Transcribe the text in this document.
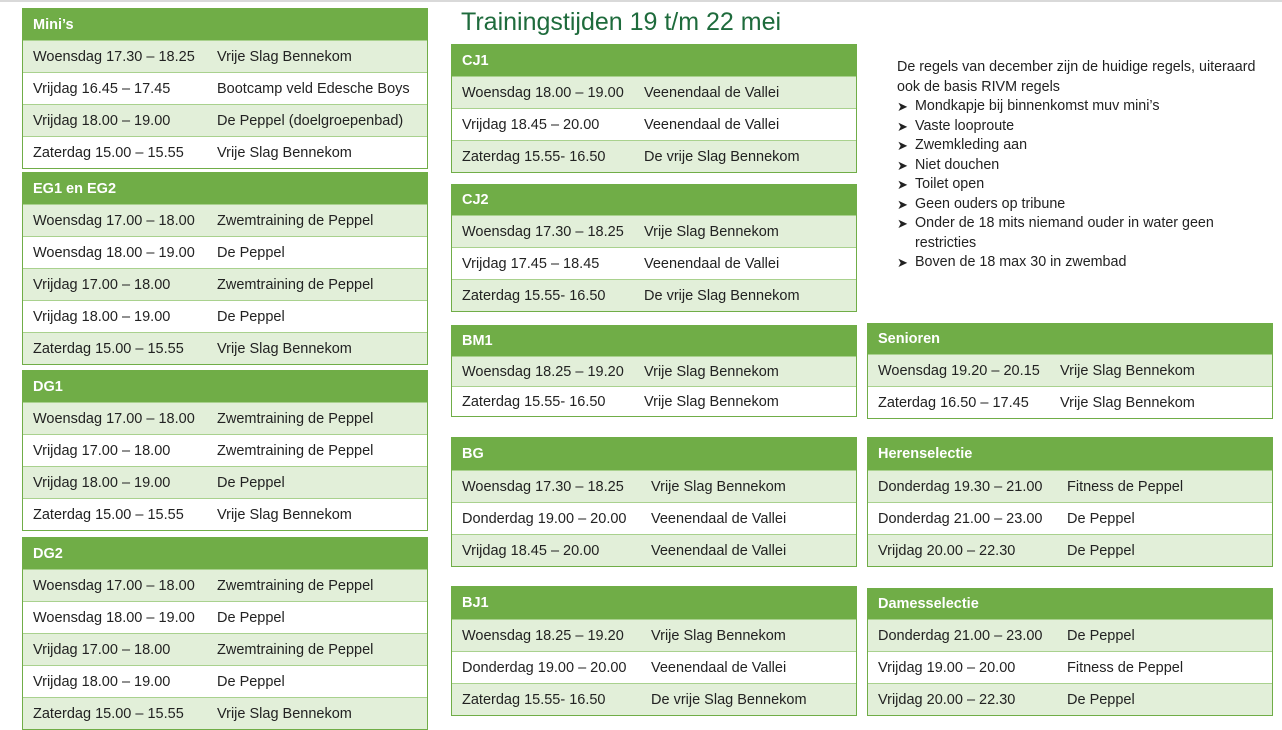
Trainingstijden 19 t/m 22 mei

De regels van december zijn de huidige regels, uiteraard ook de basis RIVM regels

➤ Mondkapje bij binnenkomst muv mini’s
➤ Vaste looproute
➤ Zwemkleding aan
➤ Niet douchen
➤ Toilet open
➤ Geen ouders op tribune
➤ Onder de 18 mits niemand ouder in water geen restricties
➤ Boven de 18 max 30 in zwembad
Mini’s
Woensdag 17.30 – 18.25	Vrije Slag Bennekom
Vrijdag 16.45 – 17.45	Bootcamp veld Edesche Boys
Vrijdag 18.00 – 19.00	De Peppel (doelgroepenbad)
Zaterdag 15.00 – 15.55	Vrije Slag Bennekom
EG1 en EG2
Woensdag 17.00 – 18.00	Zwemtraining de Peppel
Woensdag 18.00 – 19.00	De Peppel
Vrijdag 17.00 – 18.00	Zwemtraining de Peppel
Vrijdag 18.00 – 19.00	De Peppel
Zaterdag 15.00 – 15.55	Vrije Slag Bennekom
DG1
Woensdag 17.00 – 18.00	Zwemtraining de Peppel
Vrijdag 17.00 – 18.00	Zwemtraining de Peppel
Vrijdag 18.00 – 19.00	De Peppel
Zaterdag 15.00 – 15.55	Vrije Slag Bennekom
DG2
Woensdag 17.00 – 18.00	Zwemtraining de Peppel
Woensdag 18.00 – 19.00	De Peppel
Vrijdag 17.00 – 18.00	Zwemtraining de Peppel
Vrijdag 18.00 – 19.00	De Peppel
Zaterdag 15.00 – 15.55	Vrije Slag Bennekom
CJ1
Woensdag 18.00 – 19.00	Veenendaal de Vallei
Vrijdag 18.45 – 20.00	Veenendaal de Vallei
Zaterdag 15.55- 16.50	De vrije Slag Bennekom
CJ2
Woensdag 17.30 – 18.25	Vrije Slag Bennekom
Vrijdag 17.45 – 18.45	Veenendaal de Vallei
Zaterdag 15.55- 16.50	De vrije Slag Bennekom
BM1
Woensdag 18.25 – 19.20	Vrije Slag Bennekom
Zaterdag 15.55- 16.50	Vrije Slag Bennekom
BG
Woensdag 17.30 – 18.25	Vrije Slag Bennekom
Donderdag 19.00 – 20.00	Veenendaal de Vallei
Vrijdag 18.45 – 20.00	Veenendaal de Vallei
BJ1
Woensdag 18.25 – 19.20	Vrije Slag Bennekom
Donderdag 19.00 – 20.00	Veenendaal de Vallei
Zaterdag 15.55- 16.50	De vrije Slag Bennekom
Senioren
Woensdag 19.20 – 20.15	Vrije Slag Bennekom
Zaterdag 16.50 – 17.45	Vrije Slag Bennekom
Herenselectie
Donderdag 19.30 – 21.00	Fitness de Peppel
Donderdag 21.00 – 23.00	De Peppel
Vrijdag 20.00 – 22.30	De Peppel
Damesselectie
Donderdag 21.00 – 23.00	De Peppel
Vrijdag 19.00 – 20.00	Fitness de Peppel
Vrijdag 20.00 – 22.30	De Peppel
